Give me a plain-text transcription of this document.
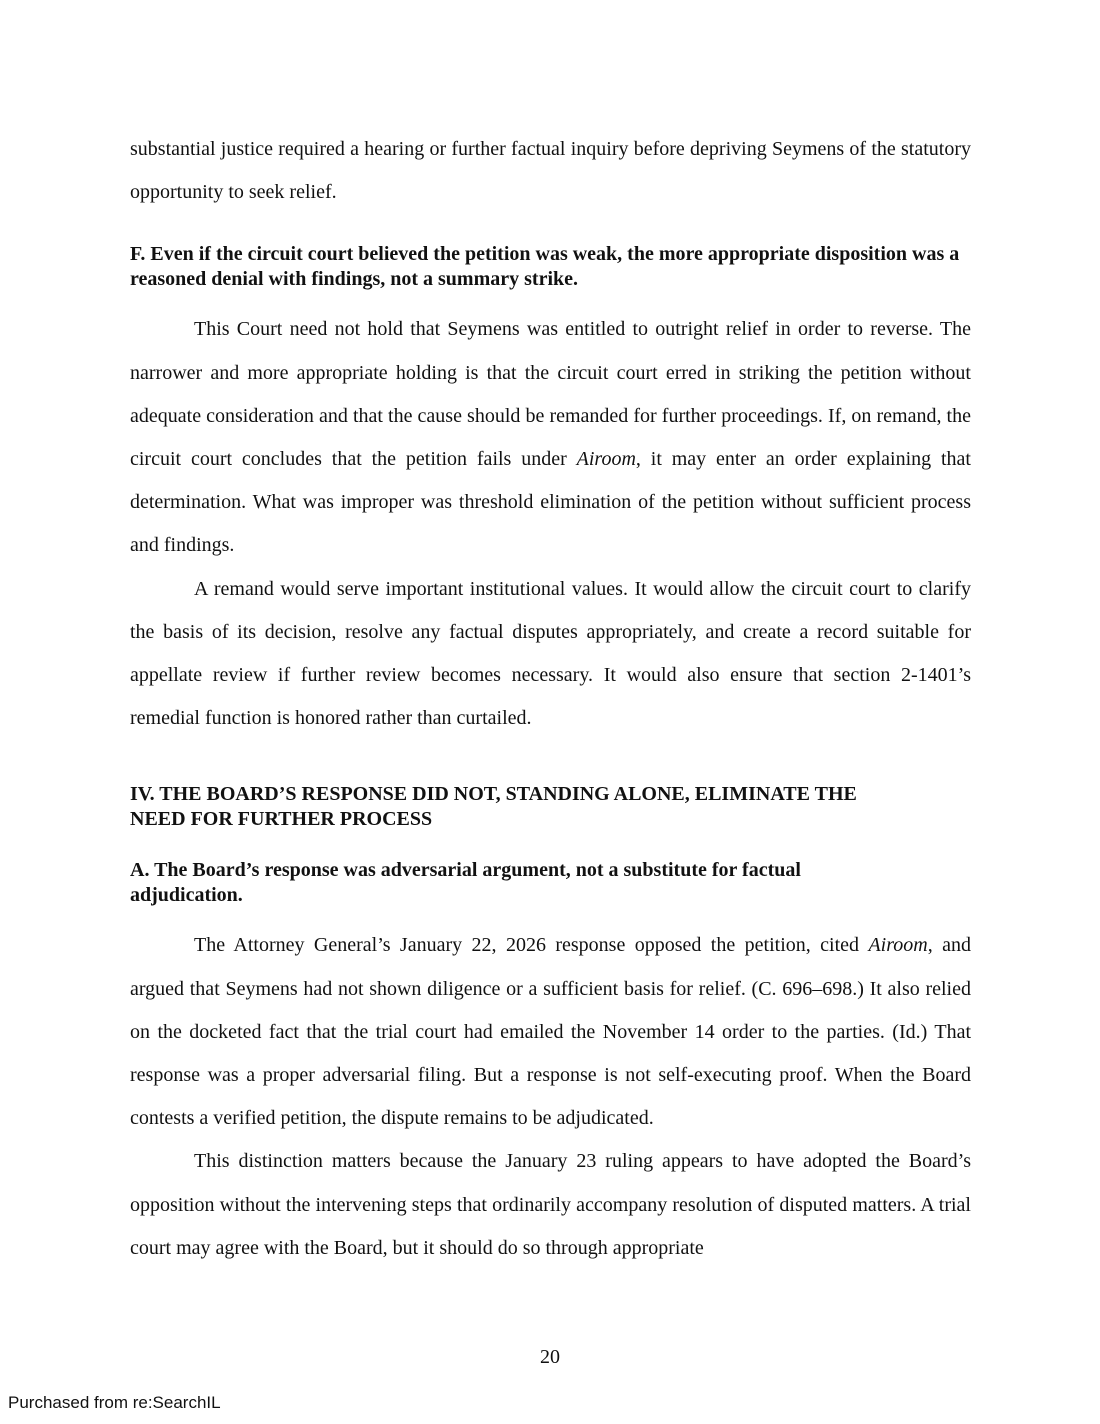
substantial justice required a hearing or further factual inquiry before depriving Seymens of the statutory opportunity to seek relief.

F. Even if the circuit court believed the petition was weak, the more appropriate disposition was a reasoned denial with findings, not a summary strike.

This Court need not hold that Seymens was entitled to outright relief in order to reverse. The narrower and more appropriate holding is that the circuit court erred in striking the petition without adequate consideration and that the cause should be remanded for further proceedings. If, on remand, the circuit court concludes that the petition fails under Airoom, it may enter an order explaining that determination. What was improper was threshold elimination of the petition without sufficient process and findings.

A remand would serve important institutional values. It would allow the circuit court to clarify the basis of its decision, resolve any factual disputes appropriately, and create a record suitable for appellate review if further review becomes necessary. It would also ensure that section 2-1401’s remedial function is honored rather than curtailed.

IV. THE BOARD’S RESPONSE DID NOT, STANDING ALONE, ELIMINATE THE
NEED FOR FURTHER PROCESS

A. The Board’s response was adversarial argument, not a substitute for factual
adjudication.

The Attorney General’s January 22, 2026 response opposed the petition, cited Airoom, and argued that Seymens had not shown diligence or a sufficient basis for relief. (C. 696–698.) It also relied on the docketed fact that the trial court had emailed the November 14 order to the parties. (Id.) That response was a proper adversarial filing. But a response is not self-executing proof. When the Board contests a verified petition, the dispute remains to be adjudicated.

This distinction matters because the January 23 ruling appears to have adopted the Board’s opposition without the intervening steps that ordinarily accompany resolution of disputed matters. A trial court may agree with the Board, but it should do so through appropriate

20
Purchased from re:SearchIL
